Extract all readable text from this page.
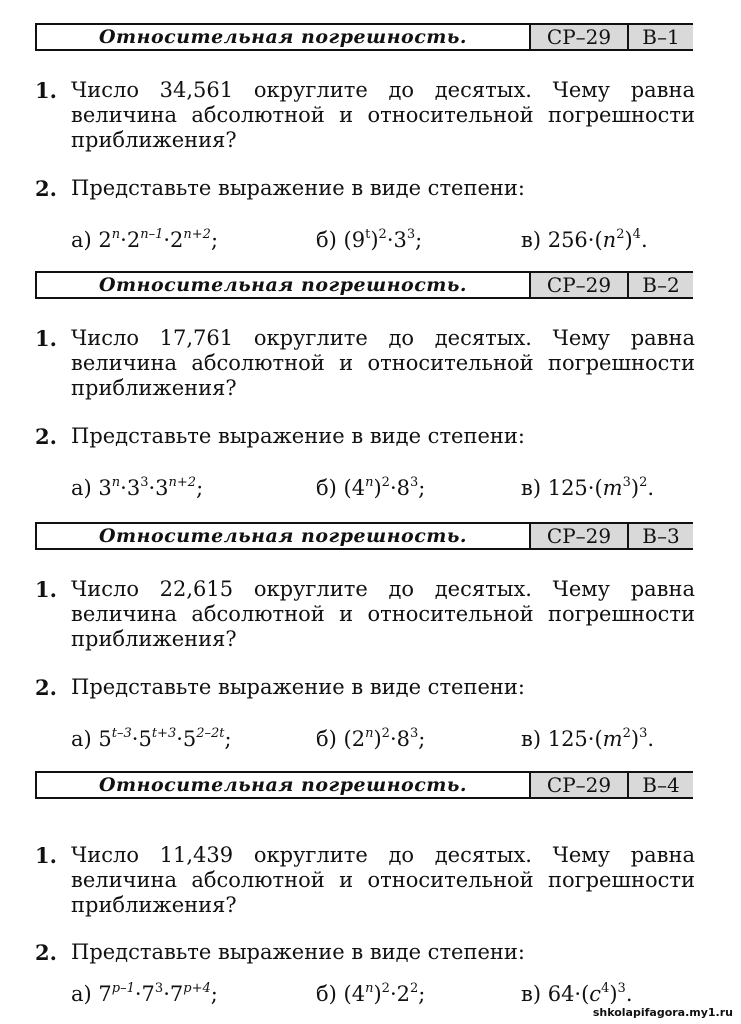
Относительная погрешность.	СР–29	В–1
1. Число 34,561 округлите до десятых. Чему равна величина абсолютной и относительной погрешности приближения?
2. Представьте выражение в виде степени:
а) $2^n\cdot 2^{n-1}\cdot 2^{n+2}$;	б) $(9^t)^2\cdot 3^3$;	в) $256\cdot(n^2)^4$.
Относительная погрешность.	СР–29	В–2
1. Число 17,761 округлите до десятых. Чему равна величина абсолютной и относительной погрешности приближения?
2. Представьте выражение в виде степени:
а) $3^n\cdot 3^3\cdot 3^{n+2}$;	б) $(4^n)^2\cdot 8^3$;	в) $125\cdot(m^3)^2$.
Относительная погрешность.	СР–29	В–3
1. Число 22,615 округлите до десятых. Чему равна величина абсолютной и относительной погрешности приближения?
2. Представьте выражение в виде степени:
а) $5^{t-3}\cdot 5^{t+3}\cdot 5^{2-2t}$;	б) $(2^n)^2\cdot 8^3$;	в) $125\cdot(m^2)^3$.
Относительная погрешность.	СР–29	В–4
1. Число 11,439 округлите до десятых. Чему равна величина абсолютной и относительной погрешности приближения?
2. Представьте выражение в виде степени:
а) $7^{p-1}\cdot 7^3\cdot 7^{p+4}$;	б) $(4^n)^2\cdot 2^2$;	в) $64\cdot(c^4)^3$.
shkolapifagora.my1.ru
